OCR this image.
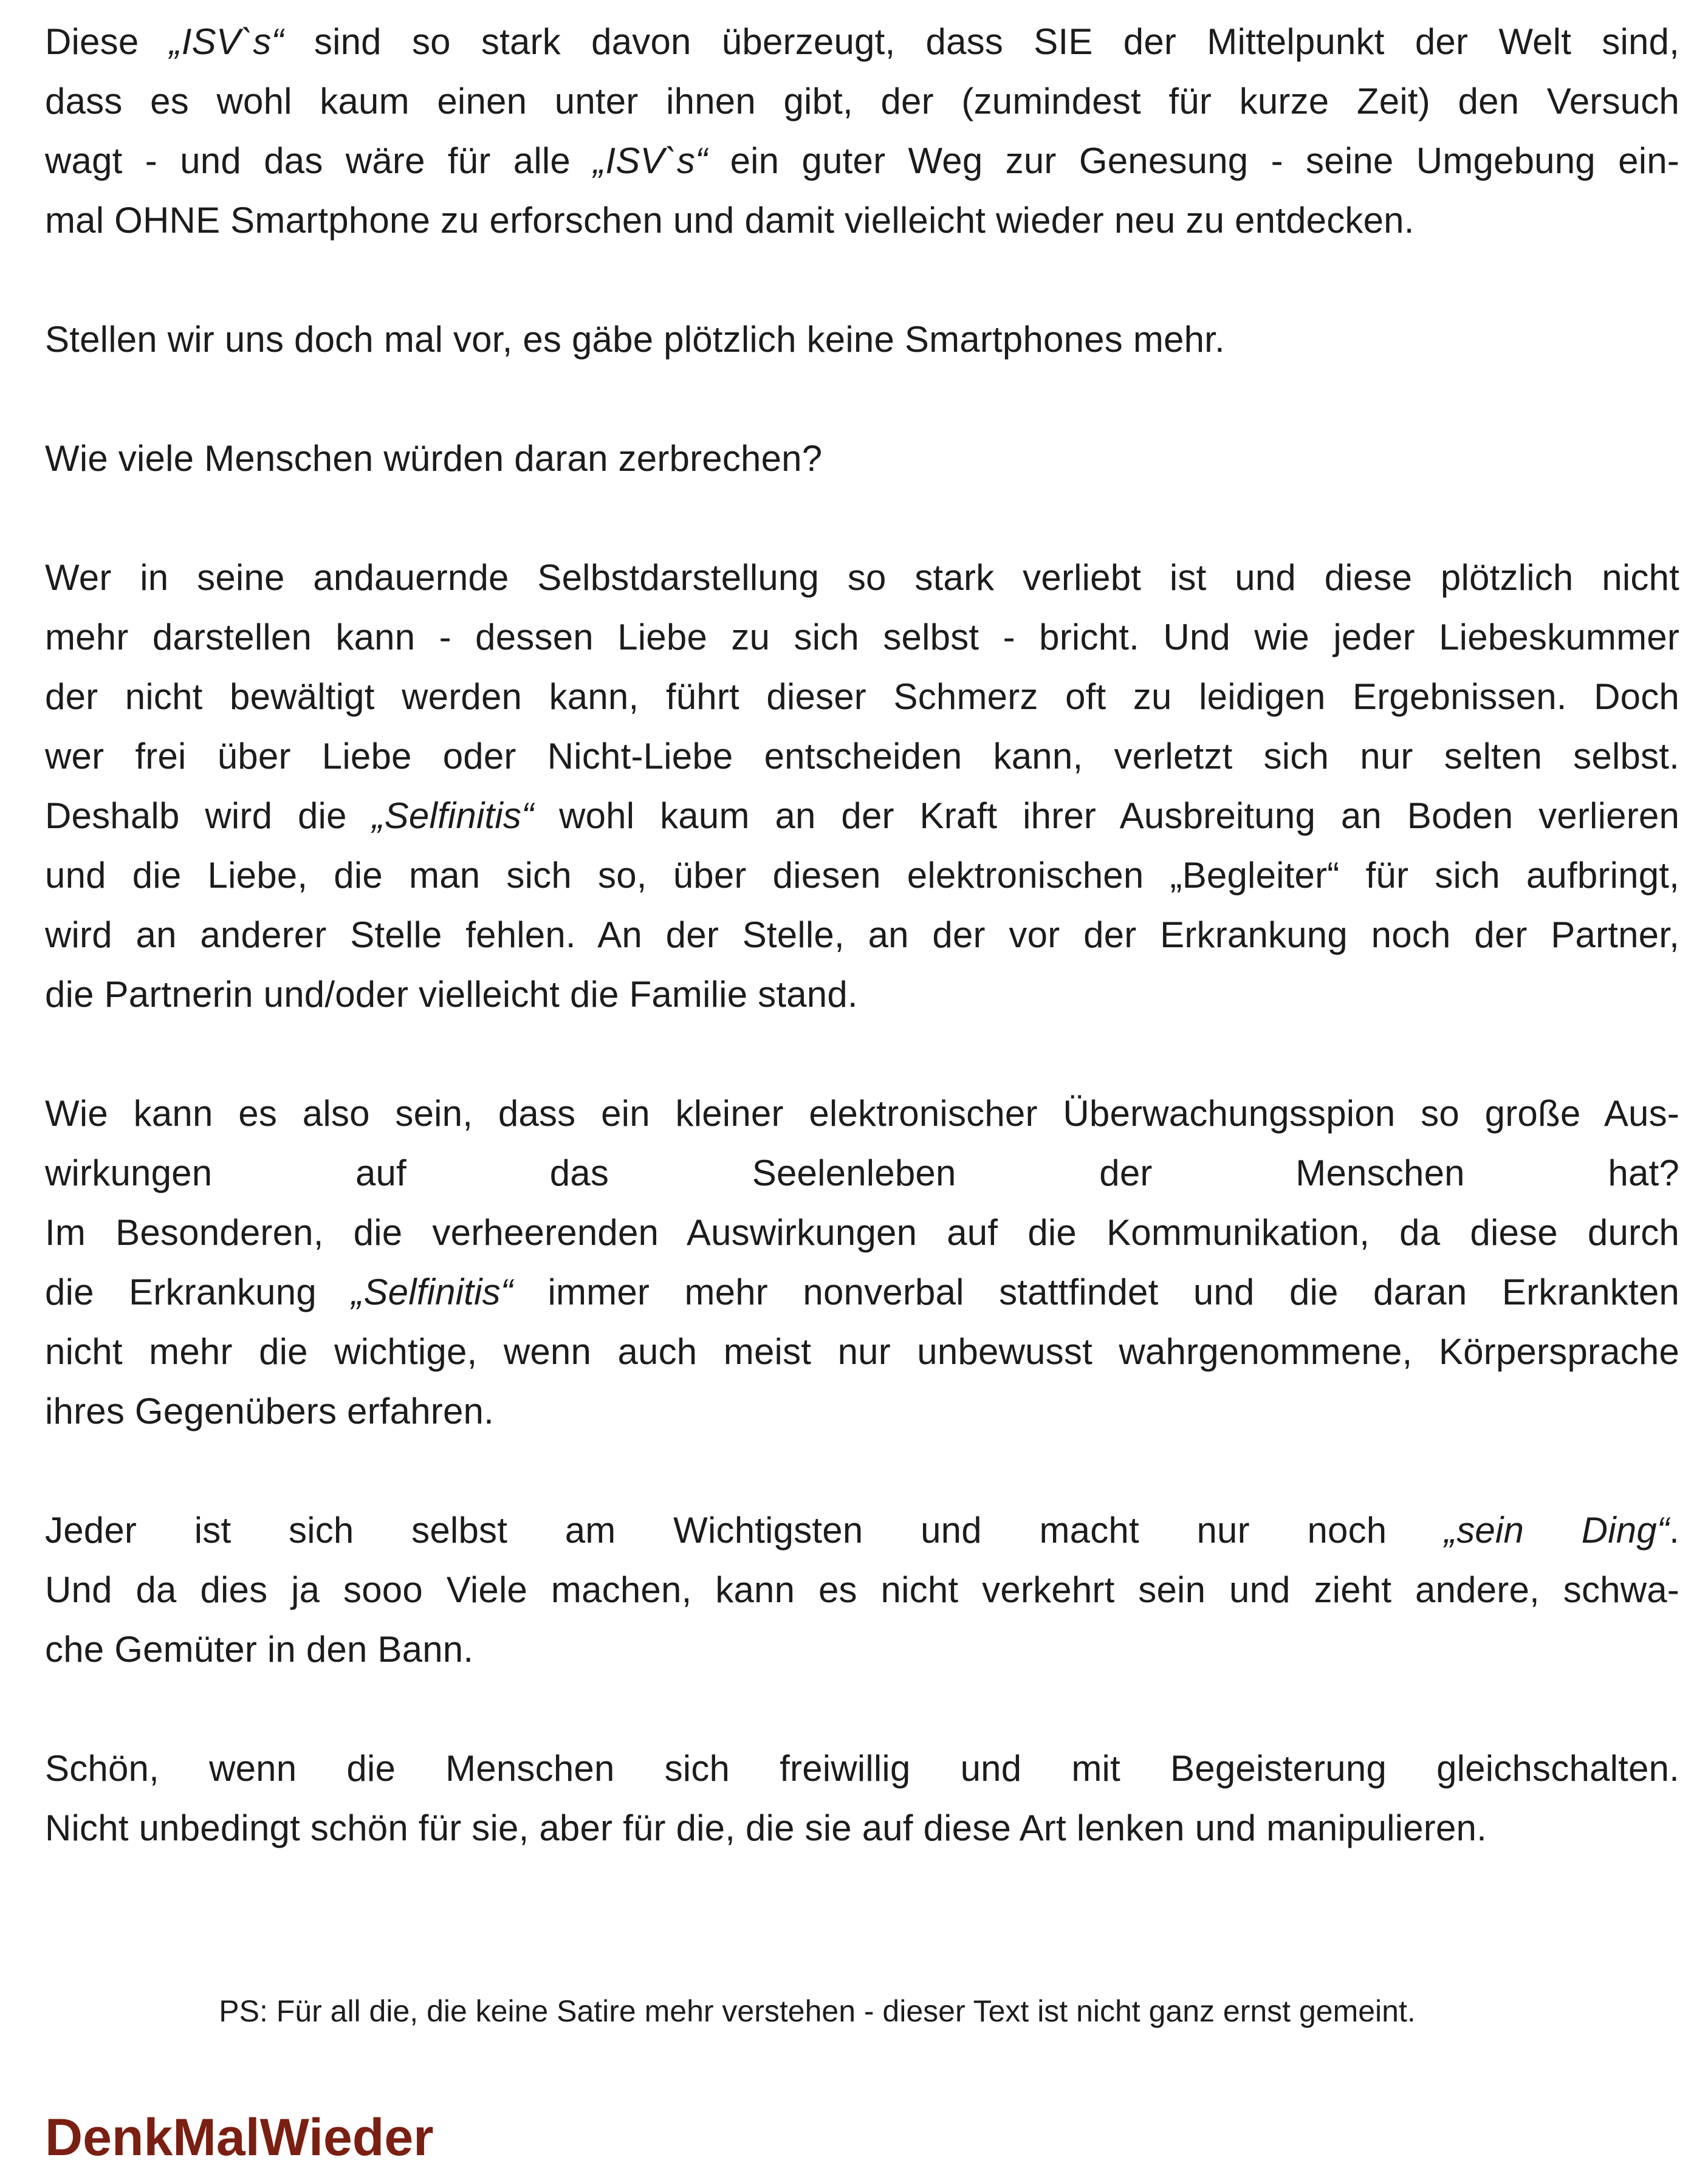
Diese „ISV`s“ sind so stark davon überzeugt, dass SIE der Mittelpunkt der Welt sind,
dass es wohl kaum einen unter ihnen gibt, der (zumindest für kurze Zeit) den Versuch
wagt - und das wäre für alle „ISV`s“ ein guter Weg zur Genesung - seine Umgebung ein-
mal OHNE Smartphone zu erforschen und damit vielleicht wieder neu zu entdecken.

Stellen wir uns doch mal vor, es gäbe plötzlich keine Smartphones mehr.

Wie viele Menschen würden daran zerbrechen?

Wer in seine andauernde Selbstdarstellung so stark verliebt ist und diese plötzlich nicht
mehr darstellen kann - dessen Liebe zu sich selbst - bricht. Und wie jeder Liebeskummer
der nicht bewältigt werden kann, führt dieser Schmerz oft zu leidigen Ergebnissen. Doch
wer frei über Liebe oder Nicht-Liebe entscheiden kann, verletzt sich nur selten selbst.
Deshalb wird die „Selfinitis“ wohl kaum an der Kraft ihrer Ausbreitung an Boden verlieren
und die Liebe, die man sich so, über diesen elektronischen „Begleiter“ für sich aufbringt,
wird an anderer Stelle fehlen. An der Stelle, an der vor der Erkrankung noch der Partner,
die Partnerin und/oder vielleicht die Familie stand.

Wie kann es also sein, dass ein kleiner elektronischer Überwachungsspion so große Aus-
wirkungen auf das Seelenleben der Menschen hat?
Im Besonderen, die verheerenden Auswirkungen auf die Kommunikation, da diese durch
die Erkrankung „Selfinitis“ immer mehr nonverbal stattfindet und die daran Erkrankten
nicht mehr die wichtige, wenn auch meist nur unbewusst wahrgenommene, Körpersprache
ihres Gegenübers erfahren.

Jeder ist sich selbst am Wichtigsten und macht nur noch „sein Ding“.
Und da dies ja sooo Viele machen, kann es nicht verkehrt sein und zieht andere, schwa-
che Gemüter in den Bann.

Schön, wenn die Menschen sich freiwillig und mit Begeisterung gleichschalten.
Nicht unbedingt schön für sie, aber für die, die sie auf diese Art lenken und manipulieren.

PS: Für all die, die keine Satire mehr verstehen - dieser Text ist nicht ganz ernst gemeint.
DenkMalWieder
